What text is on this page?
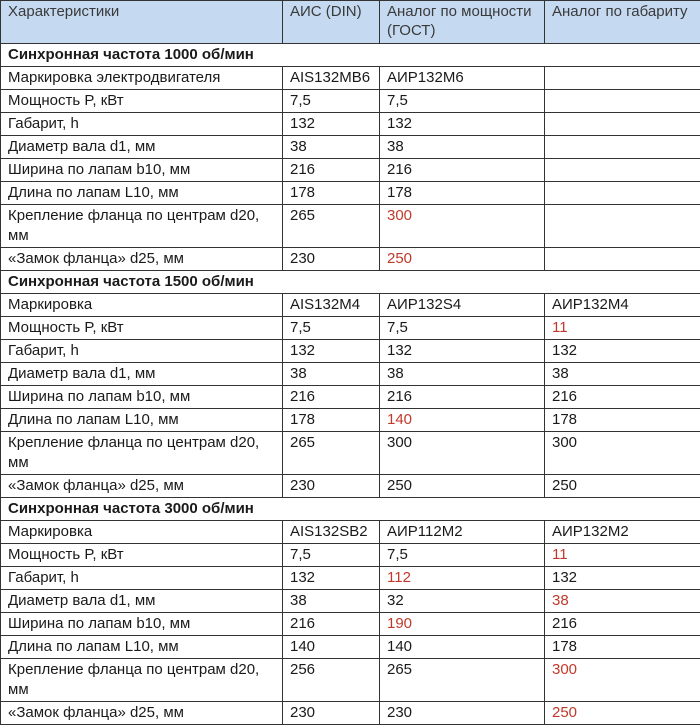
Характеристики	АИС (DIN)	Аналог по мощности (ГОСТ)	Аналог по габариту
Синхронная частота 1000 об/мин			
Маркировка электродвигателя	AIS132MB6	АИР132М6	
Мощность P, кВт	7,5	7,5	
Габарит, h	132	132	
Диаметр вала d1, мм	38	38	
Ширина по лапам b10, мм	216	216	
Длина по лапам L10, мм	178	178	
Крепление фланца по центрам d20, мм	265	300	
«Замок фланца» d25, мм	230	250	
Синхронная частота 1500 об/мин			
Маркировка	AIS132M4	АИР132S4	АИР132М4
Мощность P, кВт	7,5	7,5	11
Габарит, h	132	132	132
Диаметр вала d1, мм	38	38	38
Ширина по лапам b10, мм	216	216	216
Длина по лапам L10, мм	178	140	178
Крепление фланца по центрам d20, мм	265	300	300
«Замок фланца» d25, мм	230	250	250
Синхронная частота 3000 об/мин			
Маркировка	AIS132SB2	АИР112М2	АИР132М2
Мощность P, кВт	7,5	7,5	11
Габарит, h	132	112	132
Диаметр вала d1, мм	38	32	38
Ширина по лапам b10, мм	216	190	216
Длина по лапам L10, мм	140	140	178
Крепление фланца по центрам d20, мм	256	265	300
«Замок фланца» d25, мм	230	230	250
